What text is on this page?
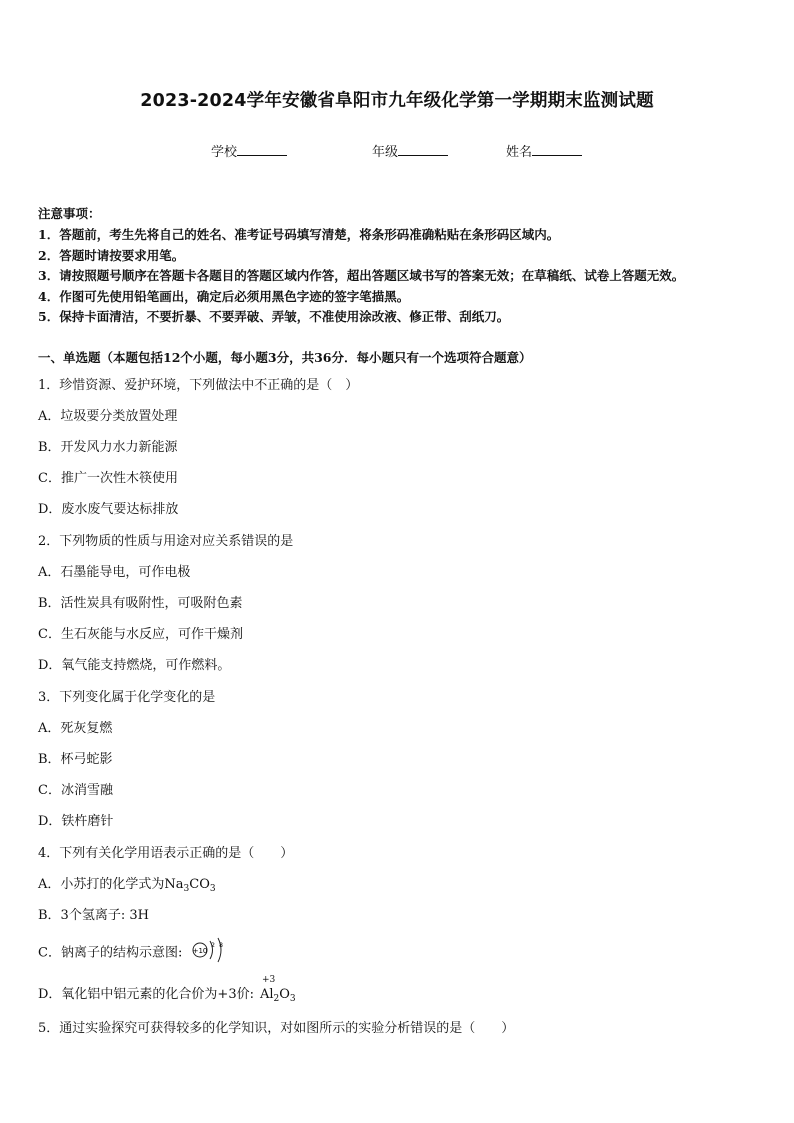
2023-2024学年安徽省阜阳市九年级化学第一学期期末监测试题
学校	年级	姓名
注意事项：
1．答题前，考生先将自己的姓名、准考证号码填写清楚，将条形码准确粘贴在条形码区域内。
2．答题时请按要求用笔。
3．请按照题号顺序在答题卡各题目的答题区域内作答，超出答题区域书写的答案无效；在草稿纸、试卷上答题无效。
4．作图可先使用铅笔画出，确定后必须用黑色字迹的签字笔描黑。
5．保持卡面清洁，不要折暴、不要弄破、弄皱，不准使用涂改液、修正带、刮纸刀。
一、单选题（本题包括12个小题，每小题3分，共36分．每小题只有一个选项符合题意）
1．珍惜资源、爱护环境，下列做法中不正确的是（　）
A．垃圾要分类放置处理
B．开发风力水力新能源
C．推广一次性木筷使用
D．废水废气要达标排放
2．下列物质的性质与用途对应关系错误的是
A．石墨能导电，可作电极
B．活性炭具有吸附性，可吸附色素
C．生石灰能与水反应，可作干燥剂
D．氧气能支持燃烧，可作燃料。
3．下列变化属于化学变化的是
A．死灰复燃
B．杯弓蛇影
C．冰消雪融
D．铁杵磨针
4．下列有关化学用语表示正确的是（　　）
A．小苏打的化学式为$Na_3CO_3$
B．3个氢离子: 3H
C．钠离子的结构示意图: +10
2 8
D．氧化铝中铝元素的化合价为+3价:
+3
$Al_2O_3$
5．通过实验探究可获得较多的化学知识，对如图所示的实验分析错误的是（　　）
